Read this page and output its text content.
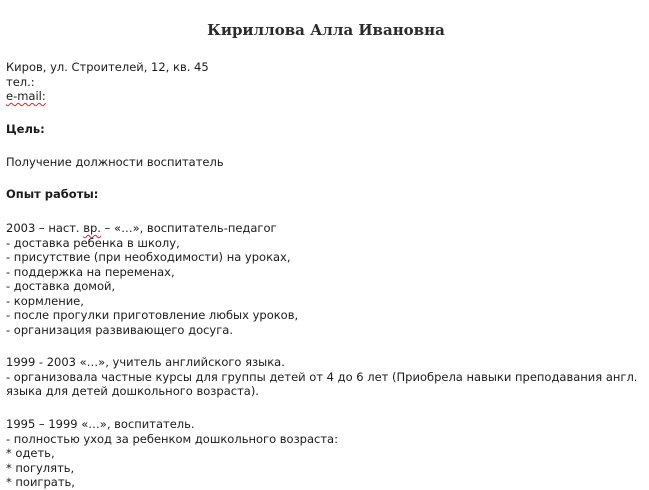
Кириллова Алла Ивановна
Киров, ул. Строителей, 12, кв. 45
тел.:
e-mail:
Цель:
Получение должности воспитатель
Опыт работы:
2003 – наст. вр. – «…», воспитатель-педагог
- доставка ребенка в школу,
- присутствие (при необходимости) на уроках,
- поддержка на переменах,
- доставка домой,
- кормление,
- после прогулки приготовление любых уроков,
- организация развивающего досуга.
1999 - 2003 «…», учитель английского языка.
- организовала частные курсы для группы детей от 4 до 6 лет (Приобрела навыки преподавания англ. языка для детей дошкольного возраста).
1995 – 1999 «…», воспитатель.
- полностью уход за ребенком дошкольного возраста:
* одеть,
* погулять,
* поиграть,
